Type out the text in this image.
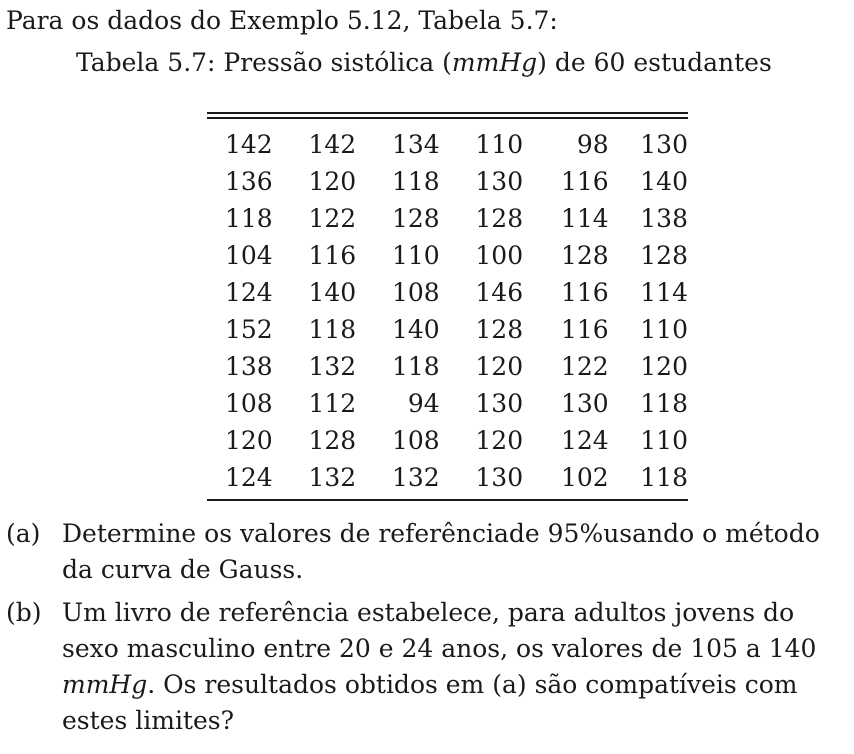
Para os dados do Exemplo 5.12, Tabela 5.7:
Tabela 5.7: Pressão sistólica (mmHg) de 60 estudantes
142	142	134	110	98	130
136	120	118	130	116	140
118	122	128	128	114	138
104	116	110	100	128	128
124	140	108	146	116	114
152	118	140	128	116	110
138	132	118	120	122	120
108	112	94	130	130	118
120	128	108	120	124	110
124	132	132	130	102	118
(a) Determine os valores de referênciade 95%usando o método
da curva de Gauss.
(b) Um livro de referência estabelece, para adultos jovens do
sexo masculino entre 20 e 24 anos, os valores de 105 a 140
mmHg. Os resultados obtidos em (a) são compatíveis com
estes limites?
